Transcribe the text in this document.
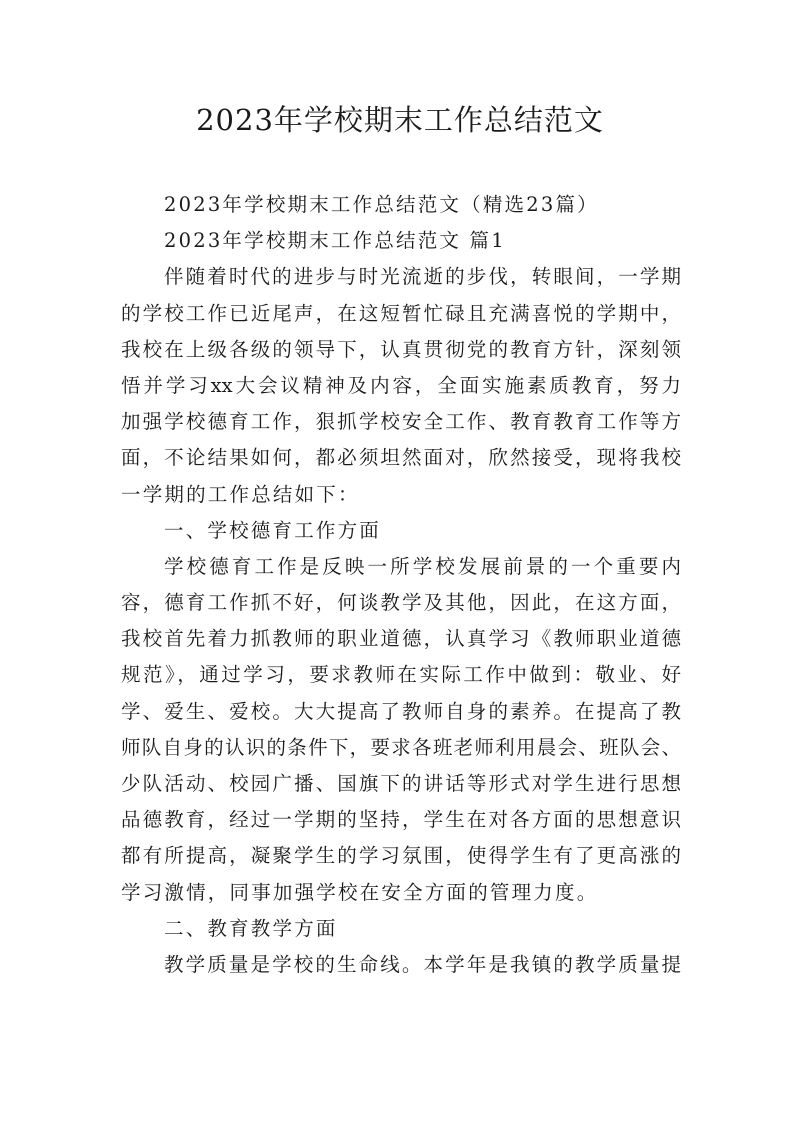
2023年学校期末工作总结范文
2023年学校期末工作总结范文（精选23篇）
2023年学校期末工作总结范文 篇1
伴随着时代的进步与时光流逝的步伐，转眼间，一学期
的学校工作已近尾声，在这短暂忙碌且充满喜悦的学期中，
我校在上级各级的领导下，认真贯彻党的教育方针，深刻领
悟并学习xx大会议精神及内容，全面实施素质教育，努力
加强学校德育工作，狠抓学校安全工作、教育教育工作等方
面，不论结果如何，都必须坦然面对，欣然接受，现将我校
一学期的工作总结如下：
一、学校德育工作方面
学校德育工作是反映一所学校发展前景的一个重要内
容，德育工作抓不好，何谈教学及其他，因此，在这方面，
我校首先着力抓教师的职业道德，认真学习《教师职业道德
规范》，通过学习，要求教师在实际工作中做到：敬业、好
学、爱生、爱校。大大提高了教师自身的素养。在提高了教
师队自身的认识的条件下，要求各班老师利用晨会、班队会、
少队活动、校园广播、国旗下的讲话等形式对学生进行思想
品德教育，经过一学期的坚持，学生在对各方面的思想意识
都有所提高，凝聚学生的学习氛围，使得学生有了更高涨的
学习激情，同事加强学校在安全方面的管理力度。
二、教育教学方面
教学质量是学校的生命线。本学年是我镇的教学质量提
